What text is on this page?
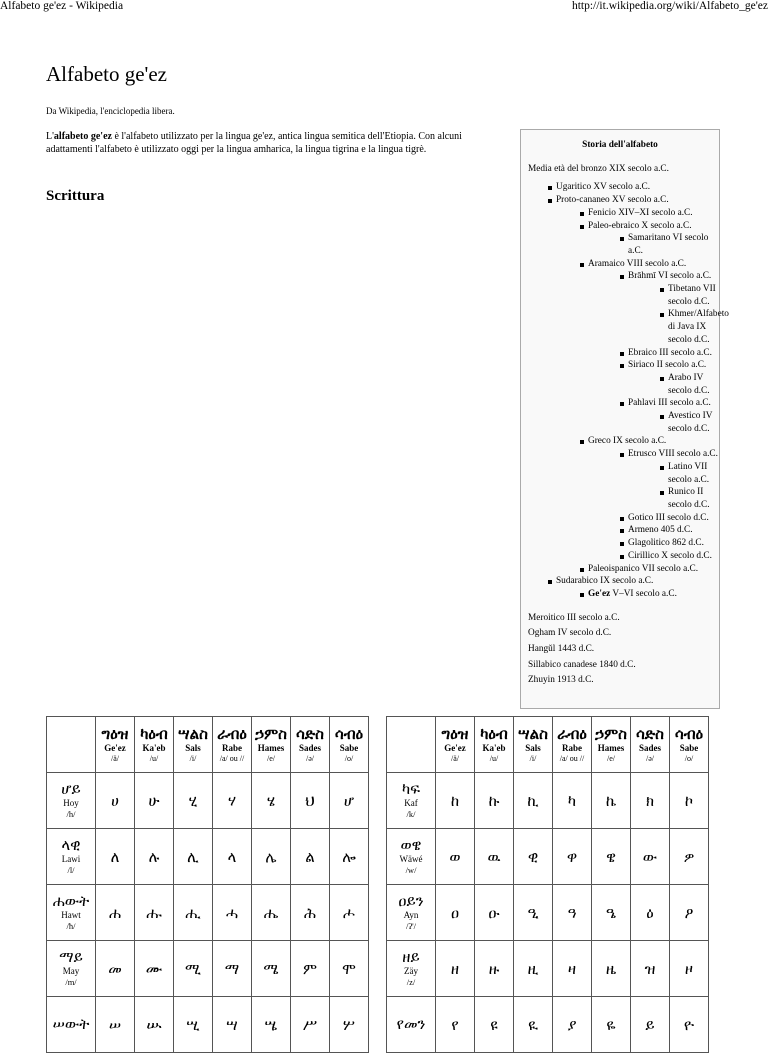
Alfabeto ge'ez - Wikipedia	http://it.wikipedia.org/wiki/Alfabeto_ge'ez
Alfabeto ge'ez
Da Wikipedia, l'enciclopedia libera.
L'alfabeto ge'ez è l'alfabeto utilizzato per la lingua ge'ez, antica lingua semitica dell'Etiopia. Con alcuni adattamenti l'alfabeto è utilizzato oggi per la lingua amharica, la lingua tigrina e la lingua tigrè.
Scrittura
Storia dell'alfabeto
Media età del bronzo XIX secolo a.C.
Ugaritico XV secolo a.C.
Proto-cananeo XV secolo a.C.
Fenicio XIV–XI secolo a.C.
Paleo-ebraico X secolo a.C.
Samaritano VI secolo a.C.
Aramaico VIII secolo a.C.
Brāhmī VI secolo a.C.
Tibetano VII secolo d.C.
Khmer/Alfabeto di Java IX secolo d.C.
Ebraico III secolo a.C.
Siriaco II secolo a.C.
Arabo IV secolo d.C.
Pahlavi III secolo a.C.
Avestico IV secolo d.C.
Greco IX secolo a.C.
Etrusco VIII secolo a.C.
Latino VII secolo a.C.
Runico II secolo d.C.
Gotico III secolo d.C.
Armeno 405 d.C.
Glagolitico 862 d.C.
Cirillico X secolo d.C.
Paleoispanico VII secolo a.C.
Sudarabico IX secolo a.C.
Ge'ez V–VI secolo a.C.
Meroitico III secolo a.C.
Ogham IV secolo d.C.
Hangŭl 1443 d.C.
Sillabico canadese 1840 d.C.
Zhuyin 1913 d.C.

	ግዕዝ
Ge'ez
/ä/	ካዕብ
Ka'eb
/u/	ሣልስ
Sals
/i/	ራብዕ
Rabe
/a/ ou //	ኃምስ
Hames
/e/	ሳድስ
Sades
/ə/	ሳብዕ
Sabe
/o/

ሆይ
Hoy
/h/	ሀ	ሁ	ሂ	ሃ	ሄ	ህ	ሆ

ላዊ
Lawi
/l/	ለ	ሉ	ሊ	ላ	ሌ	ል	ሎ

ሐውት
Hawt
/ħ/	ሐ	ሑ	ሒ	ሓ	ሔ	ሕ	ሖ

ማይ
May
/m/	መ	ሙ	ሚ	ማ	ሜ	ም	ሞ

ሠውት	ሠ	ሡ	ሢ	ሣ	ሤ	ሥ	ሦ

	ግዕዝ
Ge'ez
/ä/	ካዕብ
Ka'eb
/u/	ሣልስ
Sals
/i/	ራብዕ
Rabe
/a/ ou //	ኃምስ
Hames
/e/	ሳድስ
Sades
/ə/	ሳብዕ
Sabe
/o/

ካፍ
Kaf
/k/	ከ	ኩ	ኪ	ካ	ኬ	ክ	ኮ

ወዌ
Wäwé
/w/	ወ	ዉ	ዊ	ዋ	ዌ	ው	ዎ

ዐይን
Ayn
/ʔ'/	ዐ	ዑ	ዒ	ዓ	ዔ	ዕ	ዖ

ዘይ
Zäy
/z/	ዘ	ዙ	ዚ	ዛ	ዜ	ዝ	ዞ

የመን	የ	ዩ	ዪ	ያ	ዬ	ይ	ዮ
